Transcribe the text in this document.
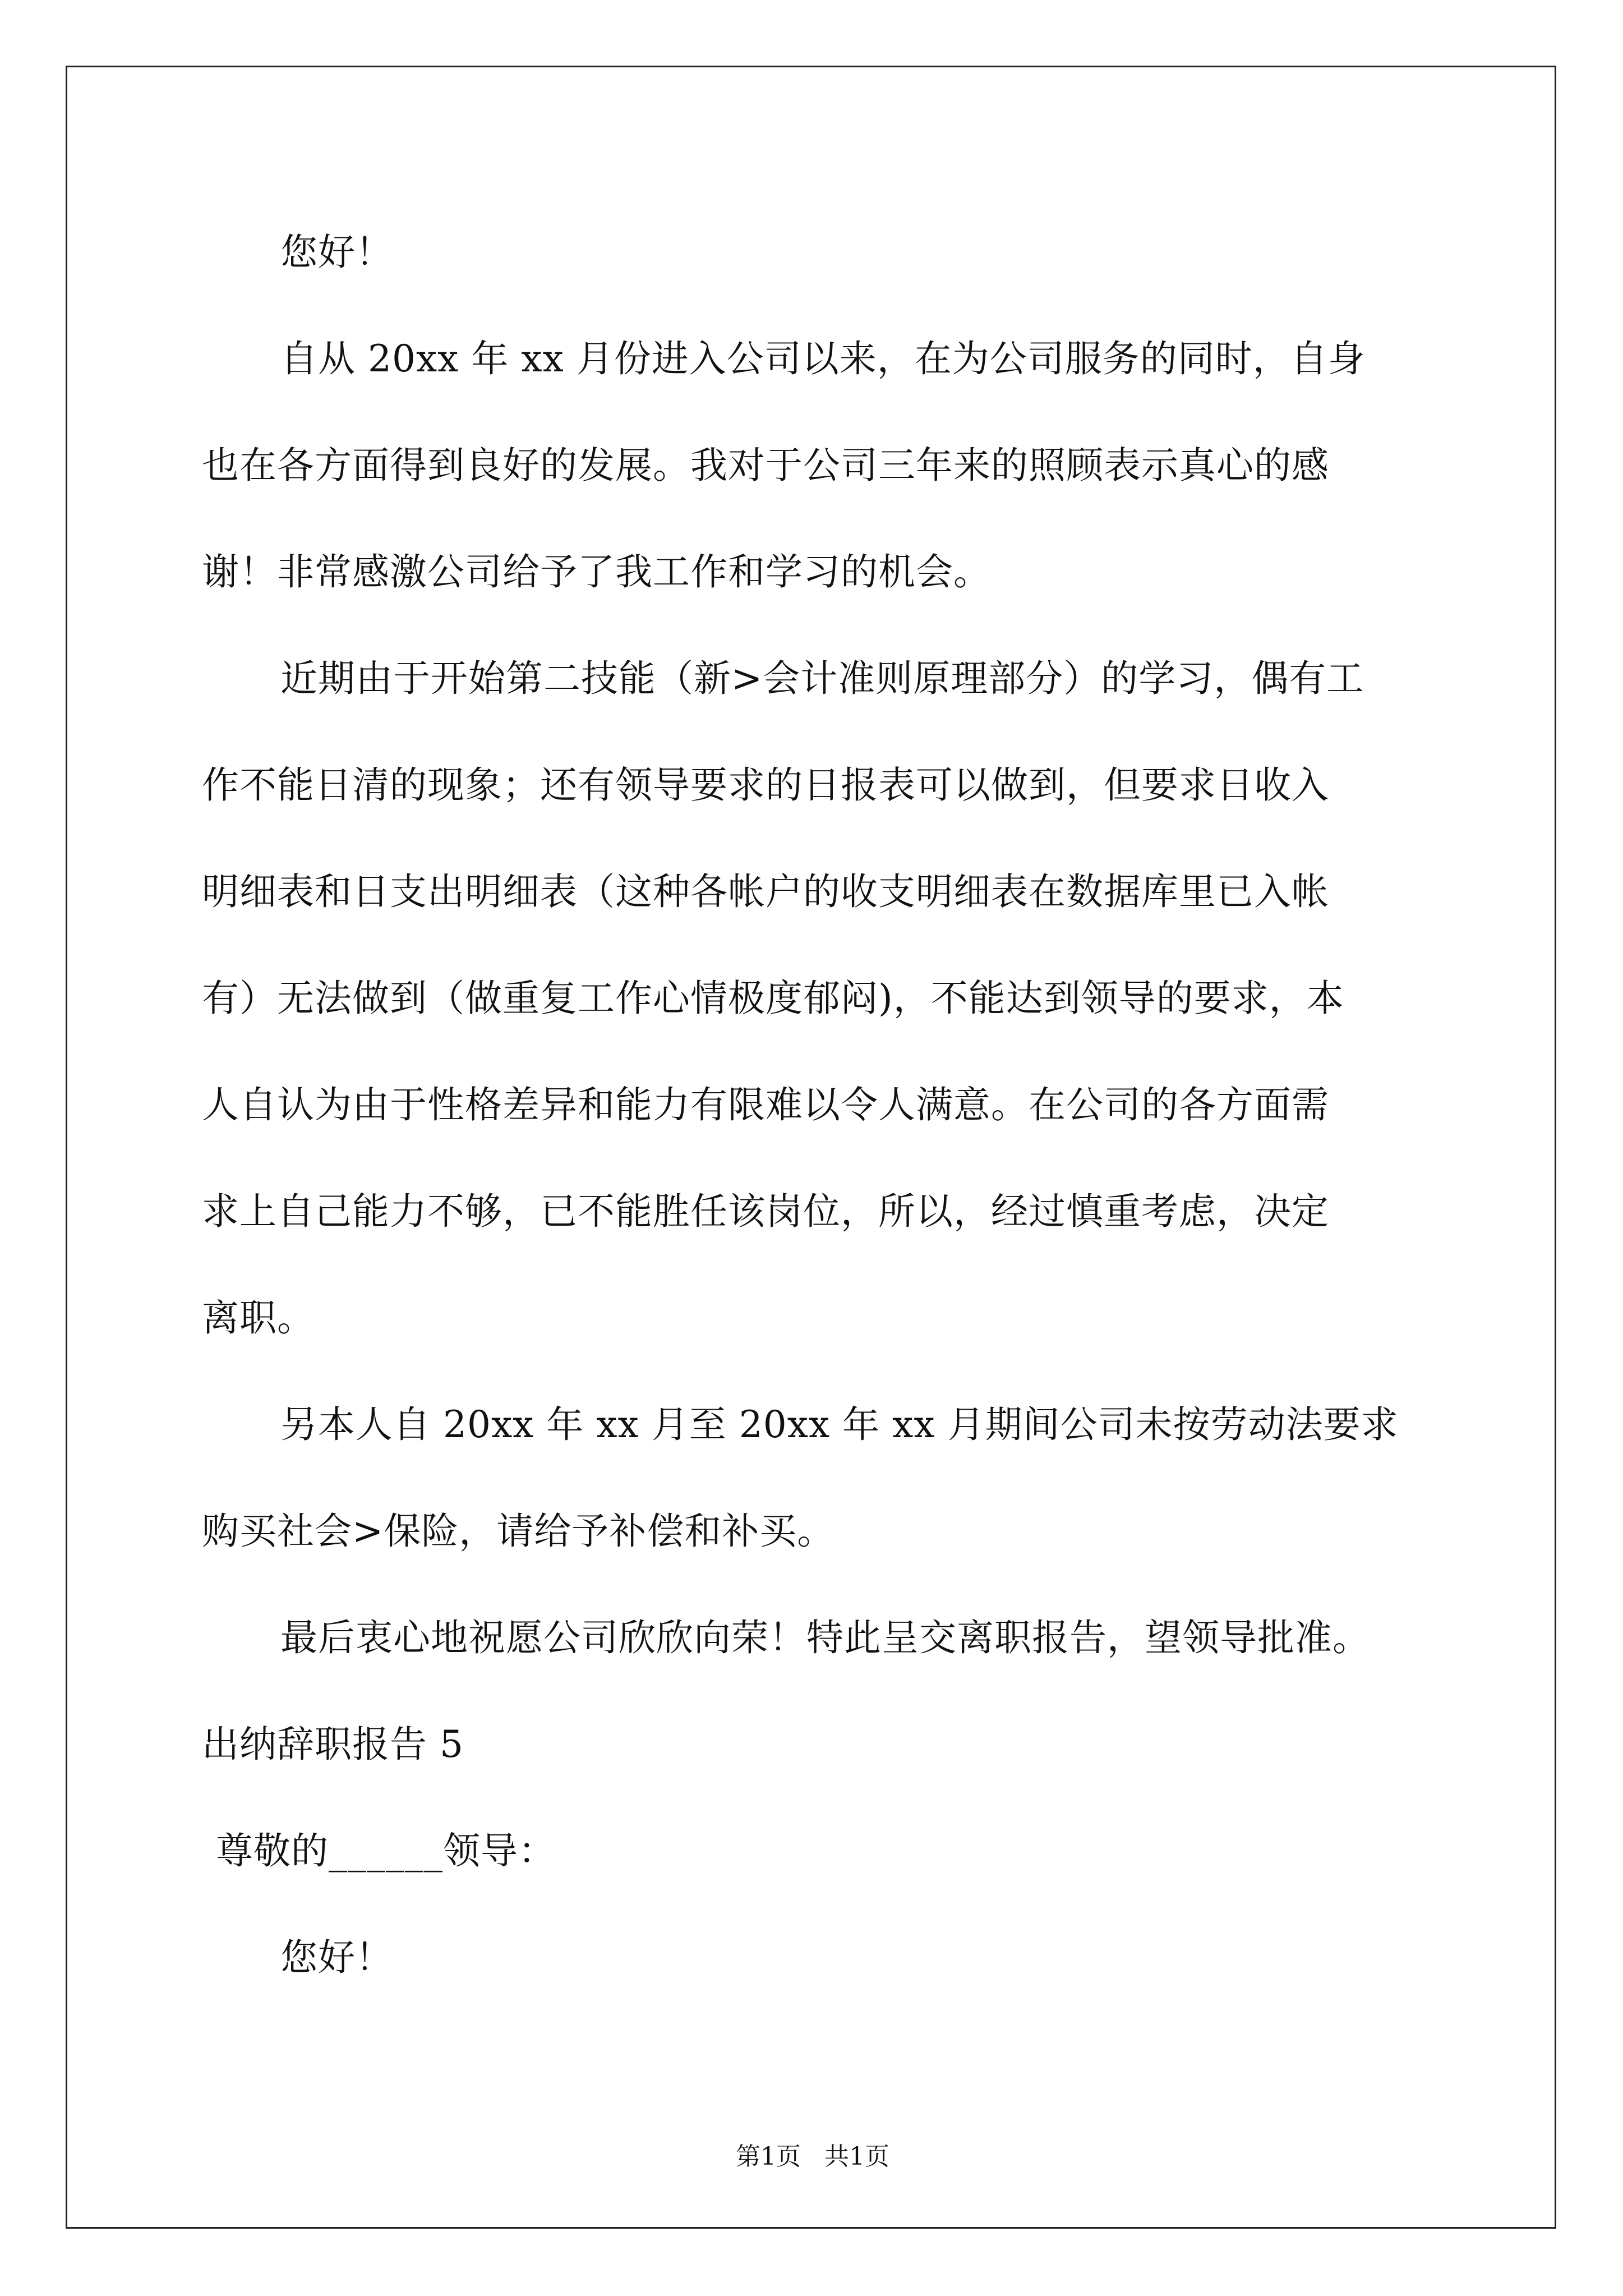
您好！
自从 20xx 年 xx 月份进入公司以来，在为公司服务的同时，自身
也在各方面得到良好的发展。我对于公司三年来的照顾表示真心的感
谢！非常感激公司给予了我工作和学习的机会。
近期由于开始第二技能（新>会计准则原理部分）的学习，偶有工
作不能日清的现象；还有领导要求的日报表可以做到，但要求日收入
明细表和日支出明细表（这种各帐户的收支明细表在数据库里已入帐
有）无法做到（做重复工作心情极度郁闷)，不能达到领导的要求，本
人自认为由于性格差异和能力有限难以令人满意。在公司的各方面需
求上自己能力不够，已不能胜任该岗位，所以，经过慎重考虑，决定
离职。
另本人自 20xx 年 xx 月至 20xx 年 xx 月期间公司未按劳动法要求
购买社会>保险，请给予补偿和补买。
最后衷心地祝愿公司欣欣向荣！特此呈交离职报告，望领导批准。
出纳辞职报告 5
尊敬的______领导：
您好！
第1页   共1页
